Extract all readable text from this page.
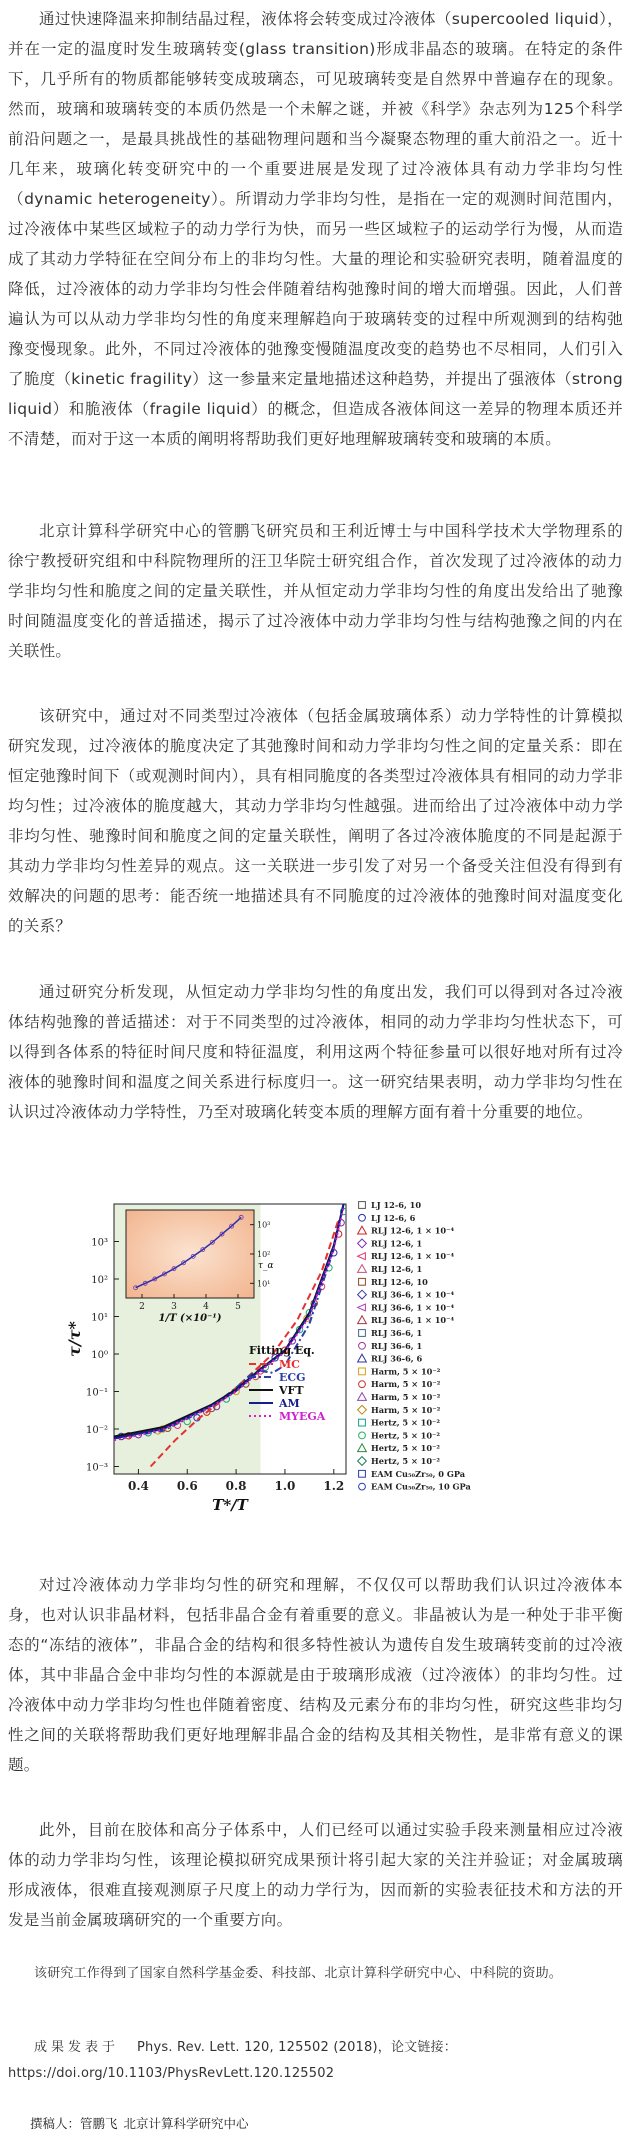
通过快速降温来抑制结晶过程，液体将会转变成过冷液体（supercooled liquid），并在一定的温度时发生玻璃转变(glass transition)形成非晶态的玻璃。在特定的条件下，几乎所有的物质都能够转变成玻璃态，可见玻璃转变是自然界中普遍存在的现象。然而，玻璃和玻璃转变的本质仍然是一个未解之谜，并被《科学》杂志列为125个科学前沿问题之一，是最具挑战性的基础物理问题和当今凝聚态物理的重大前沿之一。近十几年来，玻璃化转变研究中的一个重要进展是发现了过冷液体具有动力学非均匀性（dynamic heterogeneity）。所谓动力学非均匀性，是指在一定的观测时间范围内，过冷液体中某些区域粒子的动力学行为快，而另一些区域粒子的运动学行为慢，从而造成了其动力学特征在空间分布上的非均匀性。大量的理论和实验研究表明，随着温度的降低，过冷液体的动力学非均匀性会伴随着结构弛豫时间的增大而增强。因此，人们普遍认为可以从动力学非均匀性的角度来理解趋向于玻璃转变的过程中所观测到的结构弛豫变慢现象。此外，不同过冷液体的弛豫变慢随温度改变的趋势也不尽相同，人们引入了脆度（kinetic fragility）这一参量来定量地描述这种趋势，并提出了强液体（strong liquid）和脆液体（fragile liquid）的概念，但造成各液体间这一差异的物理本质还并不清楚，而对于这一本质的阐明将帮助我们更好地理解玻璃转变和玻璃的本质。

北京计算科学研究中心的管鹏飞研究员和王利近博士与中国科学技术大学物理系的徐宁教授研究组和中科院物理所的汪卫华院士研究组合作，首次发现了过冷液体的动力学非均匀性和脆度之间的定量关联性，并从恒定动力学非均匀性的角度出发给出了驰豫时间随温度变化的普适描述，揭示了过冷液体中动力学非均匀性与结构弛豫之间的内在关联性。

该研究中，通过对不同类型过冷液体（包括金属玻璃体系）动力学特性的计算模拟研究发现，过冷液体的脆度决定了其弛豫时间和动力学非均匀性之间的定量关系：即在恒定弛豫时间下（或观测时间内），具有相同脆度的各类型过冷液体具有相同的动力学非均匀性；过冷液体的脆度越大，其动力学非均匀性越强。进而给出了过冷液体中动力学非均匀性、驰豫时间和脆度之间的定量关联性，阐明了各过冷液体脆度的不同是起源于其动力学非均匀性差异的观点。这一关联进一步引发了对另一个备受关注但没有得到有效解决的问题的思考：能否统一地描述具有不同脆度的过冷液体的弛豫时间对温度变化的关系？

通过研究分析发现，从恒定动力学非均匀性的角度出发，我们可以得到对各过冷液体结构弛豫的普适描述：对于不同类型的过冷液体，相同的动力学非均匀性状态下，可以得到各体系的特征时间尺度和特征温度，利用这两个特征参量可以很好地对所有过冷液体的驰豫时间和温度之间关系进行标度归一。这一研究结果表明，动力学非均匀性在认识过冷液体动力学特性，乃至对玻璃化转变本质的理解方面有着十分重要的地位。

对过冷液体动力学非均匀性的研究和理解，不仅仅可以帮助我们认识过冷液体本身，也对认识非晶材料，包括非晶合金有着重要的意义。非晶被认为是一种处于非平衡态的“冻结的液体”，非晶合金的结构和很多特性被认为遗传自发生玻璃转变前的过冷液体，其中非晶合金中非均匀性的本源就是由于玻璃形成液（过冷液体）的非均匀性。过冷液体中动力学非均匀性也伴随着密度、结构及元素分布的非均匀性，研究这些非均匀性之间的关联将帮助我们更好地理解非晶合金的结构及其相关物性，是非常有意义的课题。

此外，目前在胶体和高分子体系中，人们已经可以通过实验手段来测量相应过冷液体的动力学非均匀性，该理论模拟研究成果预计将引起大家的关注并验证；对金属玻璃形成液体，很难直接观测原子尺度上的动力学行为，因而新的实验表征技术和方法的开发是当前金属玻璃研究的一个重要方向。

该研究工作得到了国家自然科学基金委、科技部、北京计算科学研究中心、中科院的资助。

成果发表于 Phys. Rev. Lett. 120, 125502 (2018)，论文链接：
https://doi.org/10.1103/PhysRevLett.120.125502

撰稿人：管鹏飞 北京计算科学研究中心
10⁻³
10⁻²
10⁻¹
10⁰
10¹
10²
10³
0.4 0.6 0.8 1.0 1.2
T*/T
τ/τ*	Fitting Eq.
MC
ECG
VFT
AM
MYEGA
2	3	4	5
10¹
10²
10³
1/T (×10⁻¹)
τ_α
LJ 12-6, 10
LJ 12-6, 6
RLJ 12-6, 1 × 10⁻⁴
RLJ 12-6, 1
RLJ 12-6, 1 × 10⁻⁴
RLJ 12-6, 1
RLJ 12-6, 10
RLJ 36-6, 1 × 10⁻⁴
RLJ 36-6, 1 × 10⁻⁴
RLJ 36-6, 1 × 10⁻⁴
RLJ 36-6, 1
RLJ 36-6, 1
RLJ 36-6, 6
Harm, 5 × 10⁻²
Harm, 5 × 10⁻²
Harm, 5 × 10⁻²
Harm, 5 × 10⁻²
Hertz, 5 × 10⁻²
Hertz, 5 × 10⁻²
Hertz, 5 × 10⁻²
Hertz, 5 × 10⁻²
EAM Cu₅₀Zr₅₀, 0 GPa
EAM Cu₅₀Zr₅₀, 10 GPa
